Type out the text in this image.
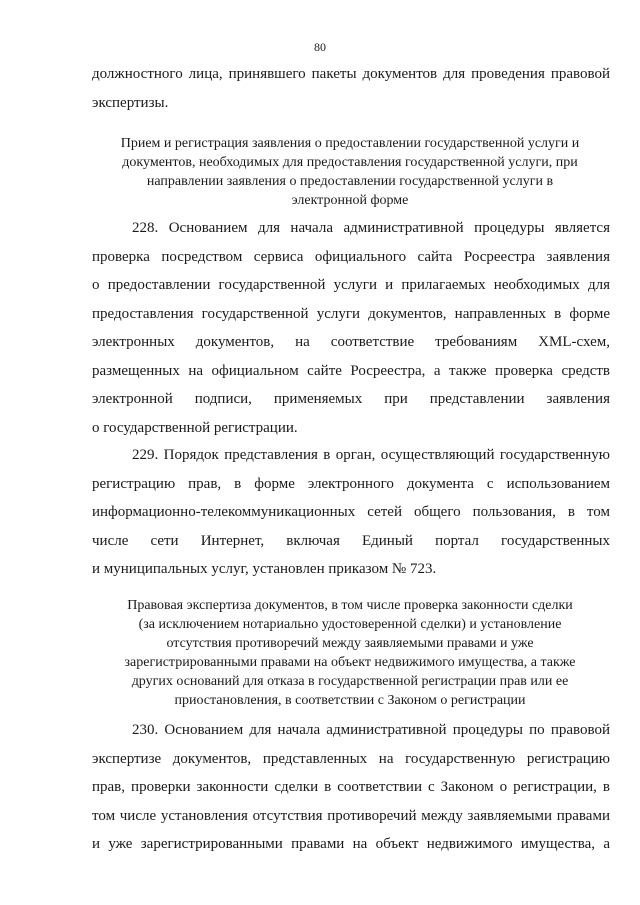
80
должностного лица, принявшего пакеты документов для проведения правовой
экспертизы.
Прием и регистрация заявления о предоставлении государственной услуги и
документов, необходимых для предоставления государственной услуги, при
направлении заявления о предоставлении государственной услуги в
электронной форме
228. Основанием для начала административной процедуры является
проверка посредством сервиса официального сайта Росреестра заявления
о предоставлении государственной услуги и прилагаемых необходимых для
предоставления государственной услуги документов, направленных в форме
электронных документов, на соответствие требованиям XML-схем,
размещенных на официальном сайте Росреестра, а также проверка средств
электронной подписи, применяемых при представлении заявления
о государственной регистрации.
229. Порядок представления в орган, осуществляющий государственную
регистрацию прав, в форме электронного документа с использованием
информационно-телекоммуникационных сетей общего пользования, в том
числе сети Интернет, включая Единый портал государственных
и муниципальных услуг, установлен приказом № 723.
Правовая экспертиза документов, в том числе проверка законности сделки
(за исключением нотариально удостоверенной сделки) и установление
отсутствия противоречий между заявляемыми правами и уже
зарегистрированными правами на объект недвижимого имущества, а также
других оснований для отказа в государственной регистрации прав или ее
приостановления, в соответствии с Законом о регистрации
230. Основанием для начала административной процедуры по правовой
экспертизе документов, представленных на государственную регистрацию
прав, проверки законности сделки в соответствии с Законом о регистрации, в
том числе установления отсутствия противоречий между заявляемыми правами
и уже зарегистрированными правами на объект недвижимого имущества, а
